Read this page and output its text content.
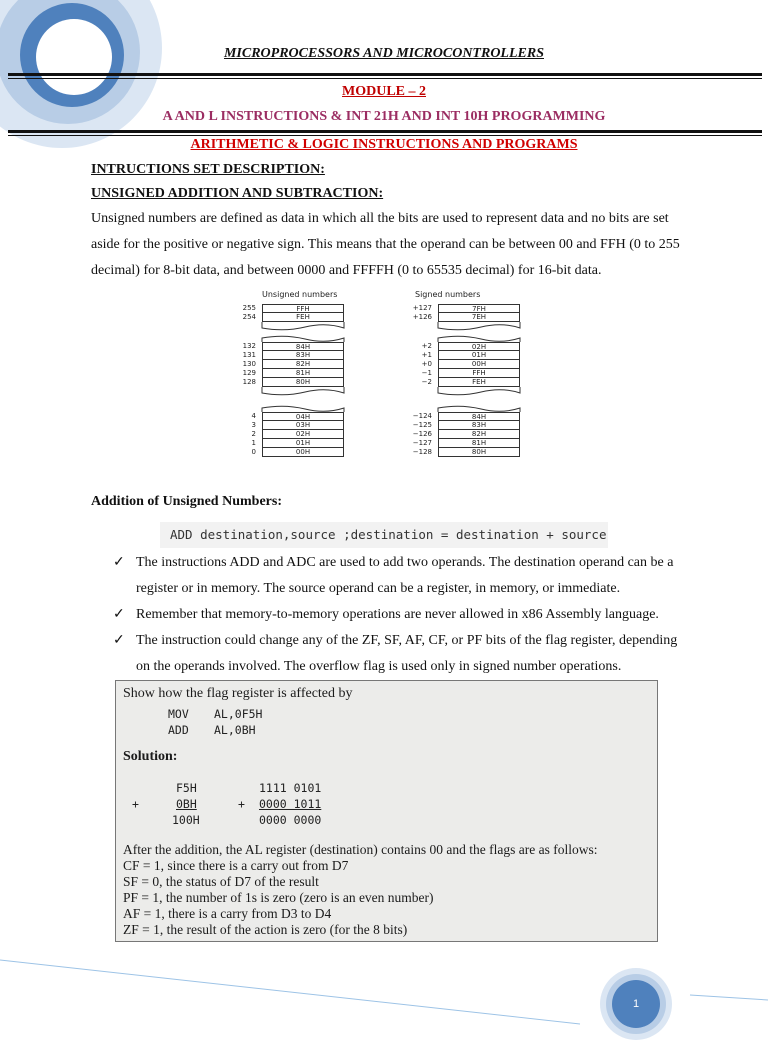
MICROPROCESSORS AND MICROCONTROLLERS
MODULE – 2
A AND L INSTRUCTIONS & INT 21H AND INT 10H PROGRAMMING
ARITHMETIC & LOGIC INSTRUCTIONS AND PROGRAMS
INTRUCTIONS SET DESCRIPTION:
UNSIGNED ADDITION AND SUBTRACTION:
Unsigned numbers are defined as data in which all the bits are used to represent data and no bits are set
aside for the positive or negative sign. This means that the operand can be between 00 and FFH (0 to 255
decimal) for 8-bit data, and between 0000 and FFFFH (0 to 65535 decimal) for 16-bit data.
Unsigned numbers	Signed numbers
255	FFH
254	FEH
132	84H
131	83H
130	82H
129	81H
128	80H
4	04H
3	03H
2	02H
1	01H
0	00H
+127	7FH
+126	7EH
+2	02H
+1	01H
+0	00H
−1	FFH
−2	FEH
−124	84H
−125	83H
−126	82H
−127	81H
−128	80H
Addition of Unsigned Numbers:
ADD destination,source ;destination = destination + source
✓ The instructions ADD and ADC are used to add two operands. The destination operand can be a
register or in memory. The source operand can be a register, in memory, or immediate.
✓ Remember that memory-to-memory operations are never allowed in x86 Assembly language.
✓ The instruction could change any of the ZF, SF, AF, CF, or PF bits of the flag register, depending
on the operands involved. The overflow flag is used only in signed number operations.
Show how the flag register is affected by
MOV AL,0F5H
ADD AL,0BH
Solution:
F5H	1111 0101
+	0BH	+ 0000 1011
100H	0000 0000
After the addition, the AL register (destination) contains 00 and the flags are as follows:
CF = 1, since there is a carry out from D7
SF = 0, the status of D7 of the result
PF = 1, the number of 1s is zero (zero is an even number)
AF = 1, there is a carry from D3 to D4
ZF = 1, the result of the action is zero (for the 8 bits)
1
